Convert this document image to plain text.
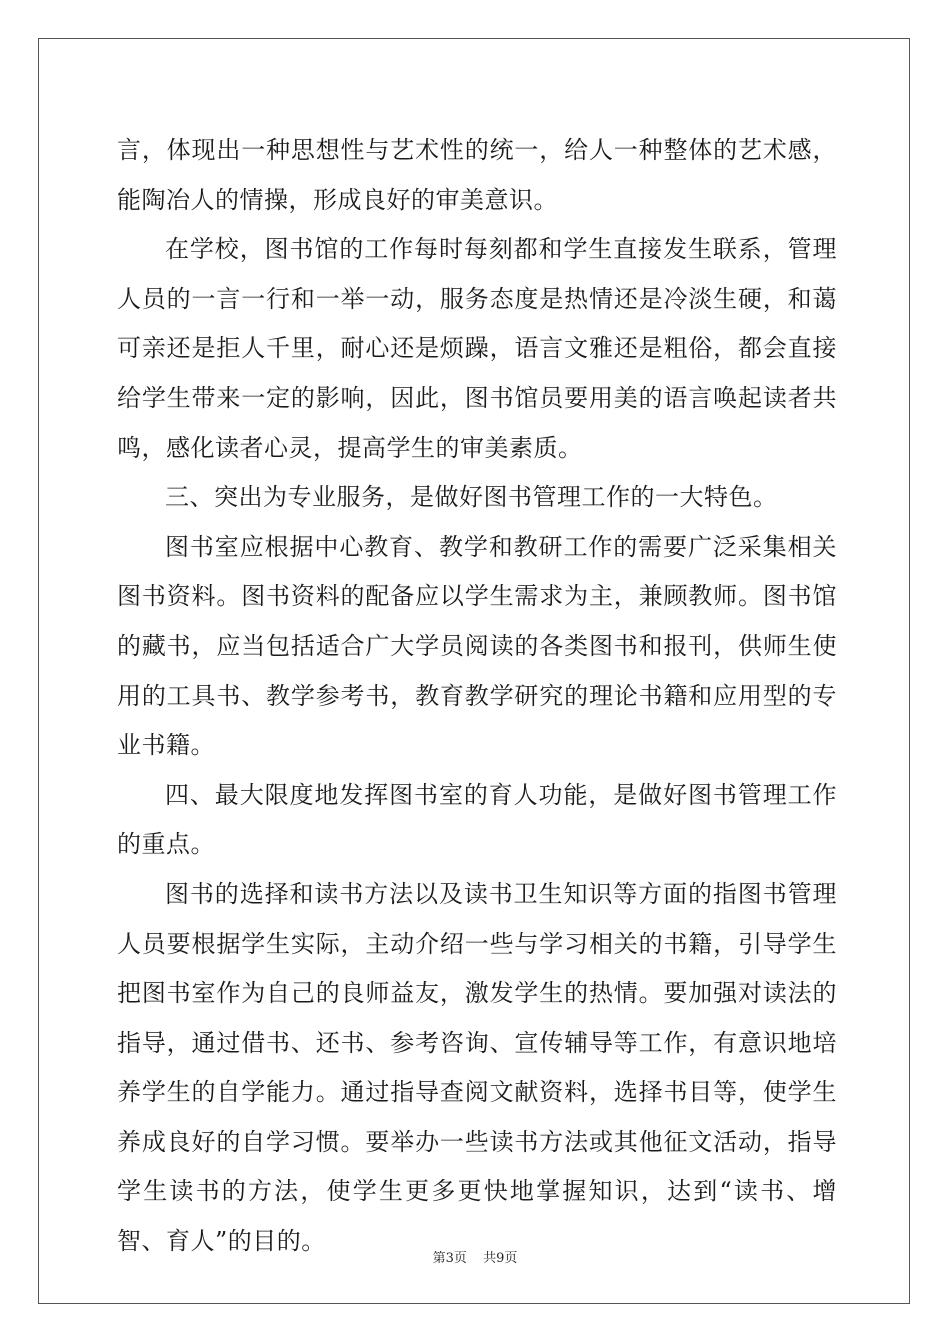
言，体现出一种思想性与艺术性的统一，给人一种整体的艺术感，能陶冶人的情操，形成良好的审美意识。

在学校，图书馆的工作每时每刻都和学生直接发生联系，管理人员的一言一行和一举一动，服务态度是热情还是冷淡生硬，和蔼可亲还是拒人千里，耐心还是烦躁，语言文雅还是粗俗，都会直接给学生带来一定的影响，因此，图书馆员要用美的语言唤起读者共鸣，感化读者心灵，提高学生的审美素质。

三、突出为专业服务，是做好图书管理工作的一大特色。

图书室应根据中心教育、教学和教研工作的需要广泛采集相关图书资料。图书资料的配备应以学生需求为主，兼顾教师。图书馆的藏书，应当包括适合广大学员阅读的各类图书和报刊，供师生使用的工具书、教学参考书，教育教学研究的理论书籍和应用型的专业书籍。

四、最大限度地发挥图书室的育人功能，是做好图书管理工作的重点。

图书的选择和读书方法以及读书卫生知识等方面的指图书管理人员要根据学生实际，主动介绍一些与学习相关的书籍，引导学生把图书室作为自己的良师益友，激发学生的热情。要加强对读法的指导，通过借书、还书、参考咨询、宣传辅导等工作，有意识地培养学生的自学能力。通过指导查阅文献资料，选择书目等，使学生养成良好的自学习惯。要举办一些读书方法或其他征文活动，指导学生读书的方法，使学生更多更快地掌握知识，达到“读书、增智、育人”的目的。

第3页 共9页
